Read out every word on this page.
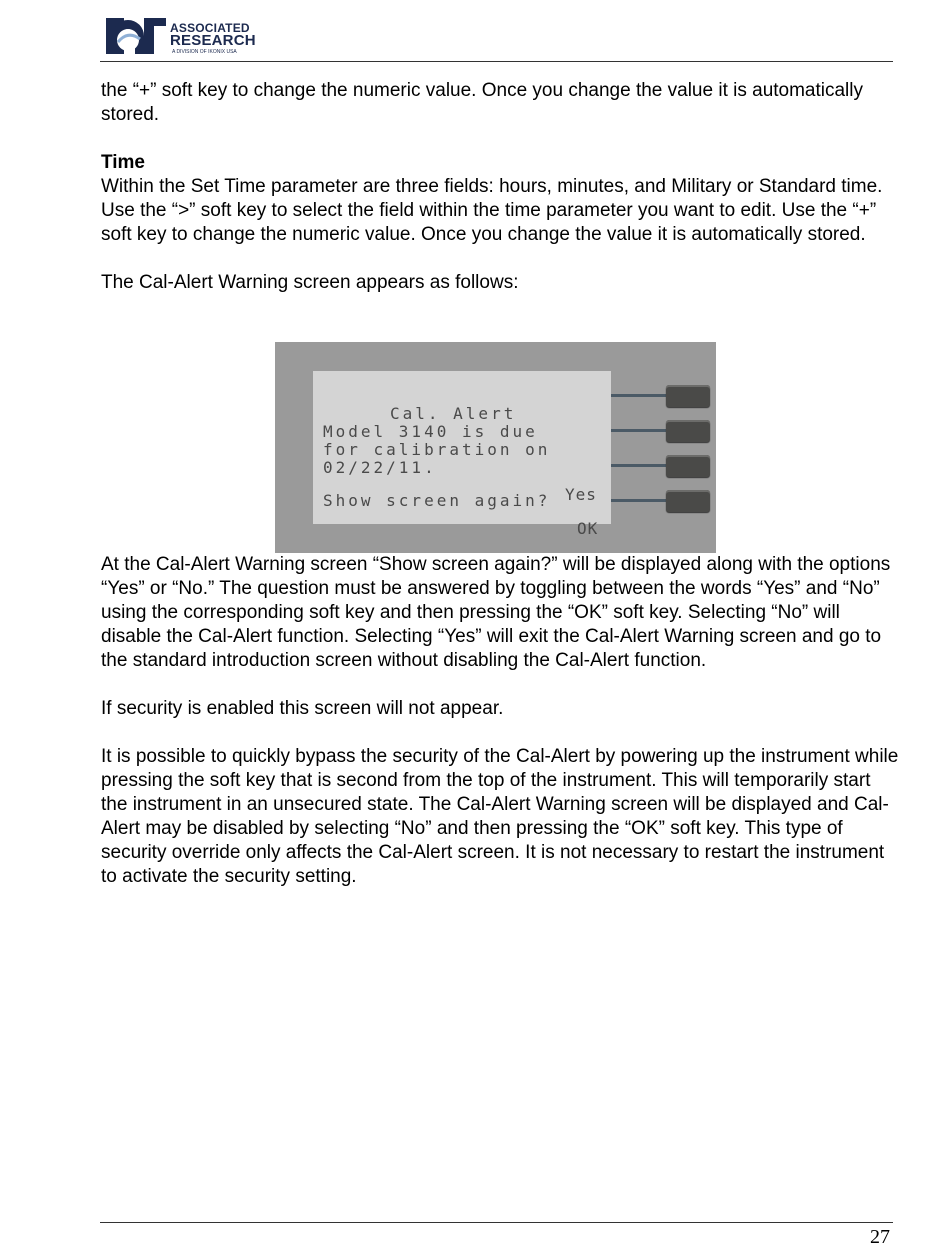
ASSOCIATED
RESEARCH
A DIVISION OF IKONIX USA

the “+” soft key to change the numeric value. Once you change the value it is automatically stored.

Time

Within the Set Time parameter are three fields: hours, minutes, and Military or Standard time. Use the “>” soft key to select the field within the time parameter you want to edit. Use the “+” soft key to change the numeric value. Once you change the value it is automatically stored.

The Cal-Alert Warning screen appears as follows:

At the Cal-Alert Warning screen “Show screen again?” will be displayed along with the options “Yes” or “No.” The question must be answered by toggling between the words “Yes” and “No” using the corresponding soft key and then pressing the “OK” soft key. Selecting “No” will disable the Cal-Alert function. Selecting “Yes” will exit the Cal-Alert Warning screen and go to the standard introduction screen without disabling the Cal-Alert function.

If security is enabled this screen will not appear.

It is possible to quickly bypass the security of the Cal-Alert by powering up the instrument while pressing the soft key that is second from the top of the instrument. This will temporarily start the instrument in an unsecured state. The Cal-Alert Warning screen will be displayed and Cal-Alert may be disabled by selecting “No” and then pressing the “OK” soft key. This type of security override only affects the Cal-Alert screen. It is not necessary to restart the instrument to activate the security setting.

Cal. Alert
Model 3140 is due
for calibration on
02/22/11.
Show screen again? Yes
OK
27
